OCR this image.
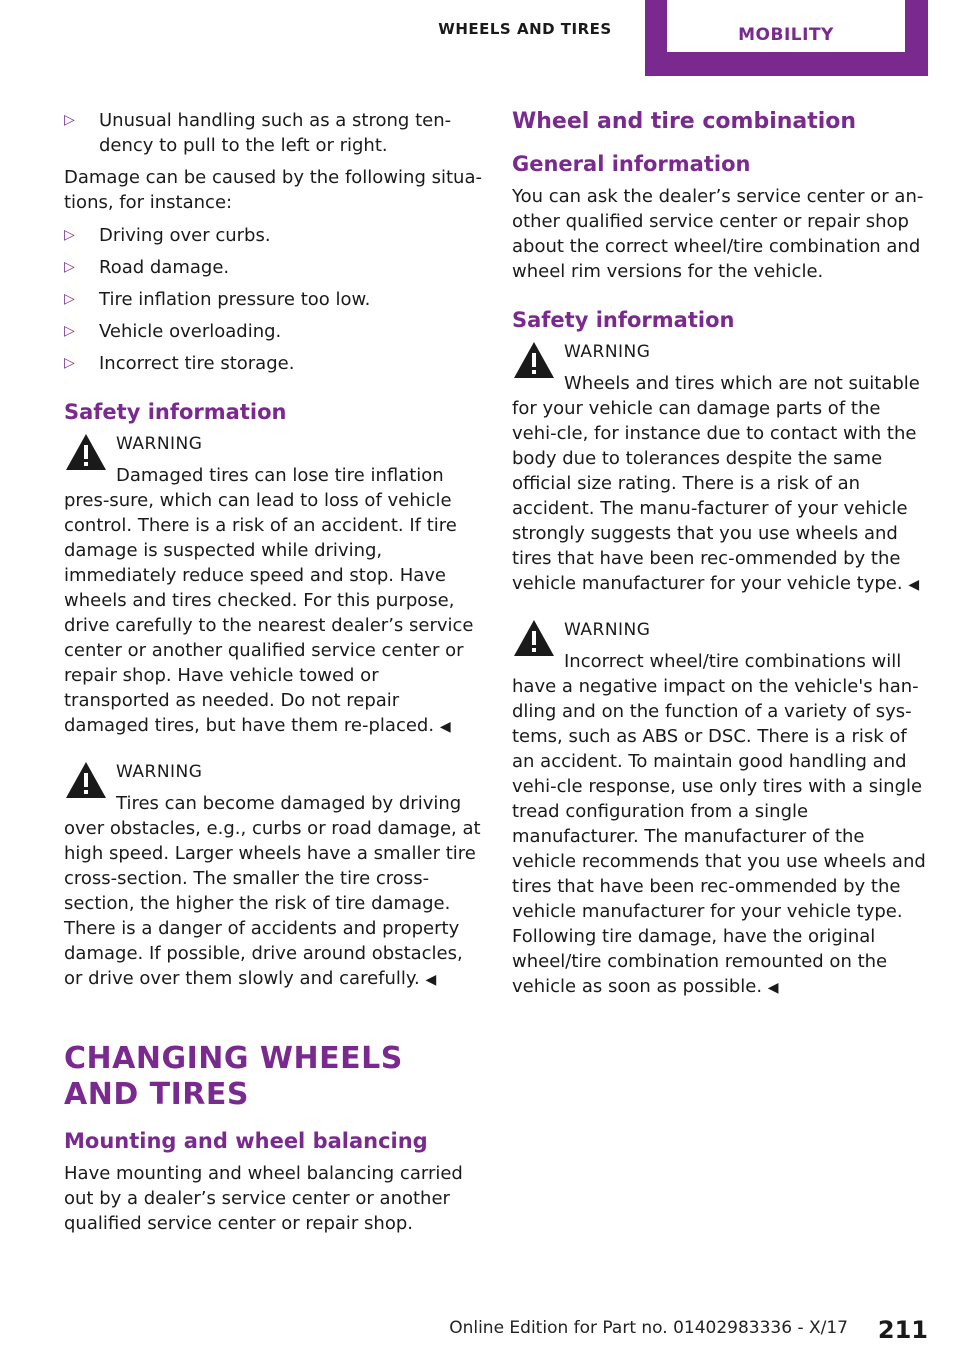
WHEELS AND TIRES	MOBILITY
▷ Unusual handling such as a strong ten‐dency to pull to the left or right.

Damage can be caused by the following situa‐tions, for instance:

▷ Driving over curbs.
▷ Road damage.
▷ Tire inflation pressure too low.
▷ Vehicle overloading.
▷ Incorrect tire storage.
Safety information
WARNING
Damaged tires can lose tire inflation pres‐sure, which can lead to loss of vehicle control. There is a risk of an accident. If tire damage is suspected while driving, immediately reduce speed and stop. Have wheels and tires checked. For this purpose, drive carefully to the nearest dealer’s service center or another qualified service center or repair shop. Have vehicle towed or transported as needed. Do not repair damaged tires, but have them re‐placed. ◀
WARNING
Tires can become damaged by driving over obstacles, e.g., curbs or road damage, at high speed. Larger wheels have a smaller tire cross-section. The smaller the tire cross-section, the higher the risk of tire damage. There is a danger of accidents and property damage. If possible, drive around obstacles, or drive over them slowly and carefully. ◀
CHANGING WHEELS AND TIRES
Mounting and wheel balancing

Have mounting and wheel balancing carried out by a dealer’s service center or another qualified service center or repair shop.

Wheel and tire combination
General information

You can ask the dealer’s service center or an‐other qualified service center or repair shop about the correct wheel/tire combination and wheel rim versions for the vehicle.

Safety information
WARNING
Wheels and tires which are not suitable for your vehicle can damage parts of the vehi‐cle, for instance due to contact with the body due to tolerances despite the same official size rating. There is a risk of an accident. The manu‐facturer of your vehicle strongly suggests that you use wheels and tires that have been rec‐ommended by the vehicle manufacturer for your vehicle type. ◀
WARNING
Incorrect wheel/tire combinations will have a negative impact on the vehicle's han‐dling and on the function of a variety of sys‐tems, such as ABS or DSC. There is a risk of an accident. To maintain good handling and vehi‐cle response, use only tires with a single tread configuration from a single manufacturer. The manufacturer of the vehicle recommends that you use wheels and tires that have been rec‐ommended by the vehicle manufacturer for your vehicle type. Following tire damage, have the original wheel/tire combination remounted on the vehicle as soon as possible. ◀
211
Online Edition for Part no. 01402983336 - X/17
